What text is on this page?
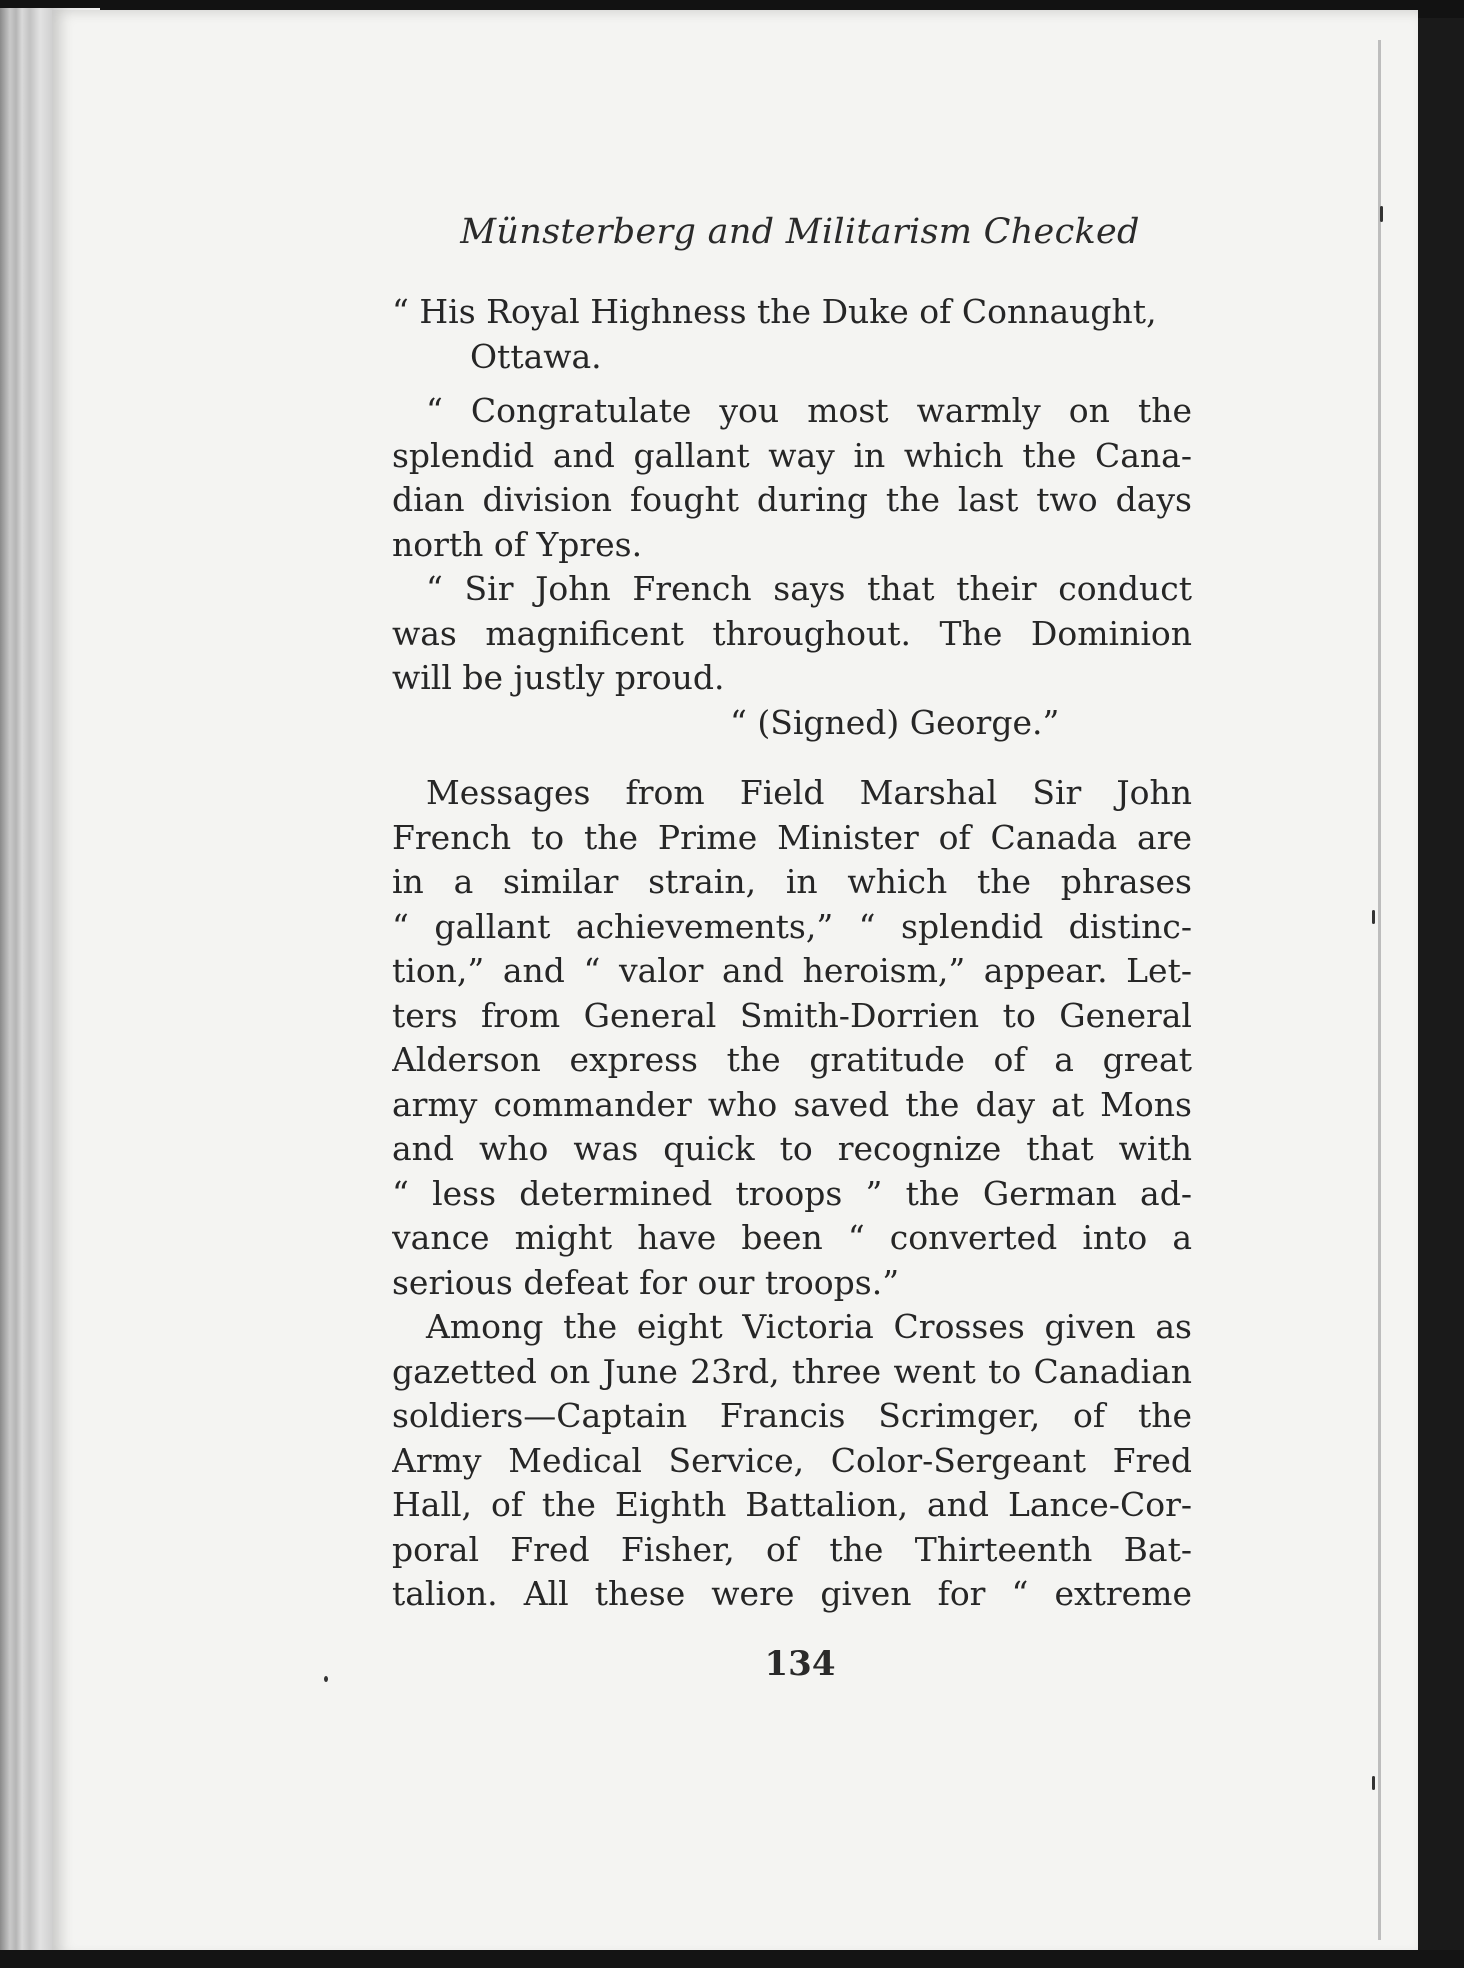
Münsterberg and Militarism Checked
“ His Royal Highness the Duke of Connaught,
Ottawa.
“ Congratulate you most warmly on the
splendid and gallant way in which the Cana-
dian division fought during the last two days
north of Ypres.
“ Sir John French says that their conduct
was magnificent throughout. The Dominion
will be justly proud.
“ (Signed) George.”
Messages from Field Marshal Sir John
French to the Prime Minister of Canada are
in a similar strain, in which the phrases
“ gallant achievements,” “ splendid distinc-
tion,” and “ valor and heroism,” appear. Let-
ters from General Smith-Dorrien to General
Alderson express the gratitude of a great
army commander who saved the day at Mons
and who was quick to recognize that with
“ less determined troops ” the German ad-
vance might have been “ converted into a
serious defeat for our troops.”
Among the eight Victoria Crosses given as
gazetted on June 23rd, three went to Canadian
soldiers—Captain Francis Scrimger, of the
Army Medical Service, Color-Sergeant Fred
Hall, of the Eighth Battalion, and Lance-Cor-
poral Fred Fisher, of the Thirteenth Bat-
talion. All these were given for “ extreme
134
